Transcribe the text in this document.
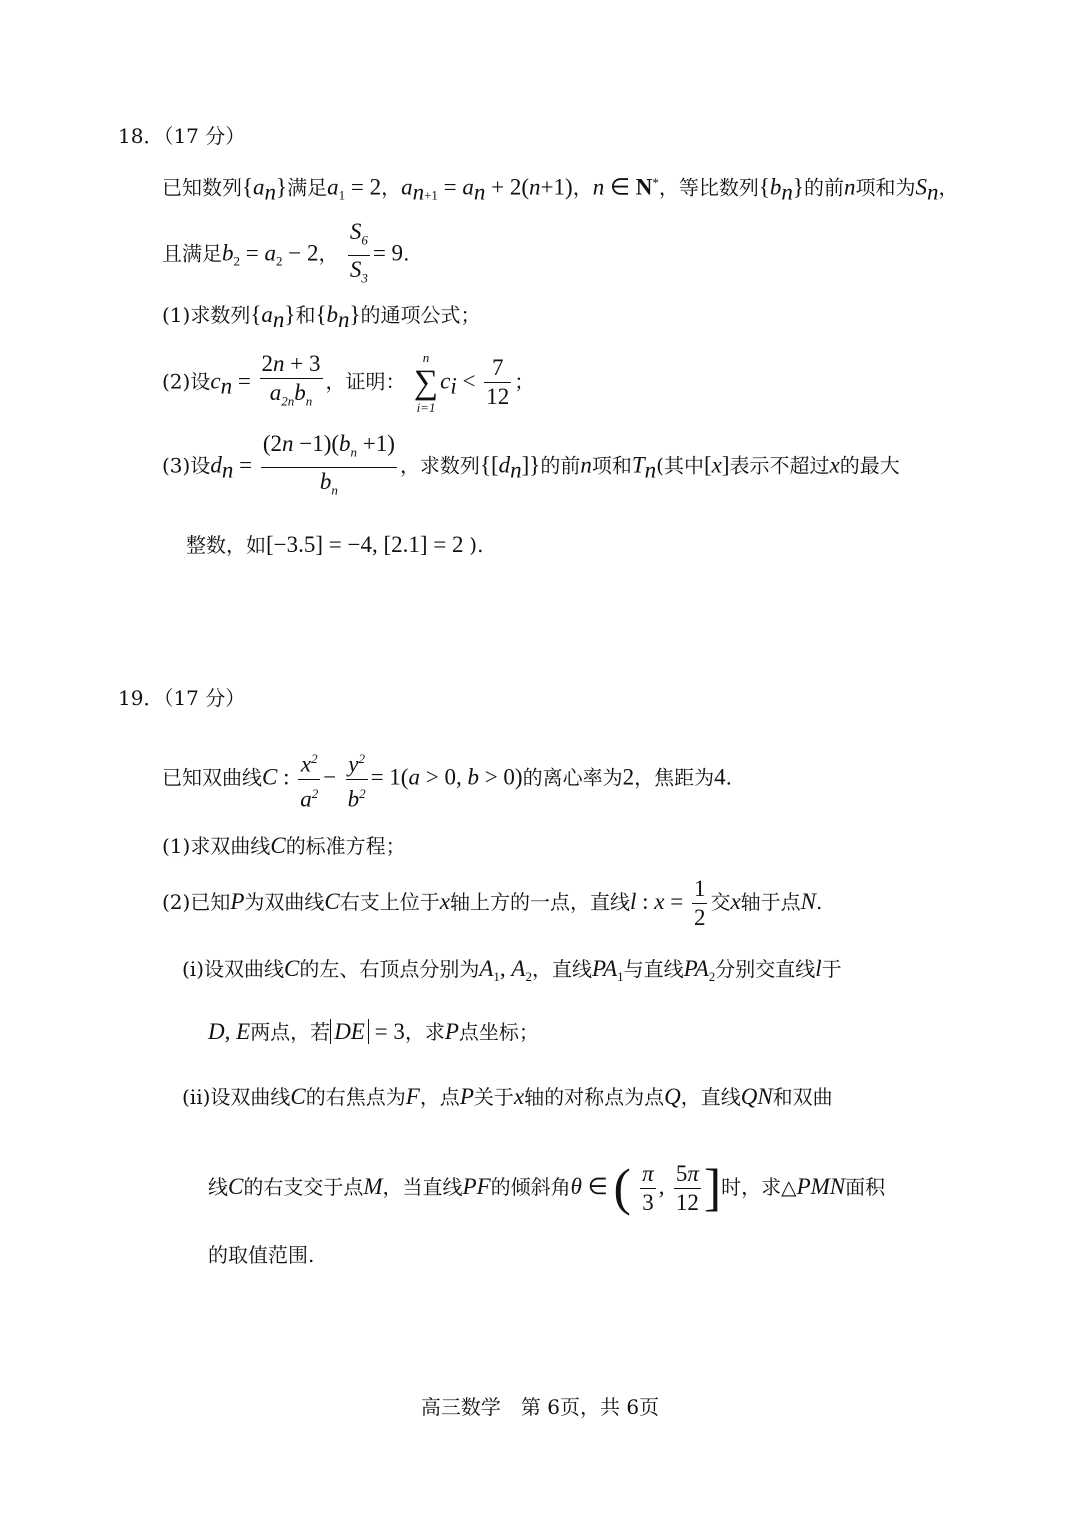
18．（17 分）
已知数列$\{a_n\}$满足$a_1 = 2$，$a_{n+1} = a_n + 2(n+1)$，n ∈ N*，等比数列$\{b_n\}$的前n项和为$S_n$，
且满足$b_2 = a_2 - 2$， $\frac{S_6}{S_3} = 9$.
(1)求数列$\{a_n\}$和$\{b_n\}$的通项公式；
(2)设$c_n = \frac{2n + 3}{a_{2n}b_n}$ ，证明：
n
∑
i=1
$c_i < \frac{7}{12}$ ；
(3)设$d_n = \frac{(2n -1)(b_n +1)}{b_n}$ ，求数列$\{[d_n]\}$的前n项和$T_n$(其中[x]表示不超过x的最大
整数，如[−3.5] = −4, [2.1] = 2 ).
19．（17 分）
已知双曲线C : $\frac{x^2}{a^2} - \frac{y^2}{b^2} = 1(a > 0$, b > 0)的离心率为2，焦距为4.
(1)求双曲线C的标准方程；
(2)已知P为双曲线C右支上位于x轴上方的一点，直线l : $x = \frac{1}{2}$ 交x轴于点N.
(i)设双曲线C的左、右顶点分别为$A_1$, $A_2$，直线$PA_1$与直线$PA_2$分别交直线l于
D, E两点，若 DE = 3，求P点坐标；
(ii)设双曲线C的右焦点为F，点P关于x轴的对称点为点Q，直线QN和双曲
线C的右支交于点M，当直线PF的倾斜角θ ∈ ( $\frac{\pi}{3}$ , $\frac{5\pi}{12}$ ]时，求△PMN面积
的取值范围.
高三数学　第 6页，共 6页
